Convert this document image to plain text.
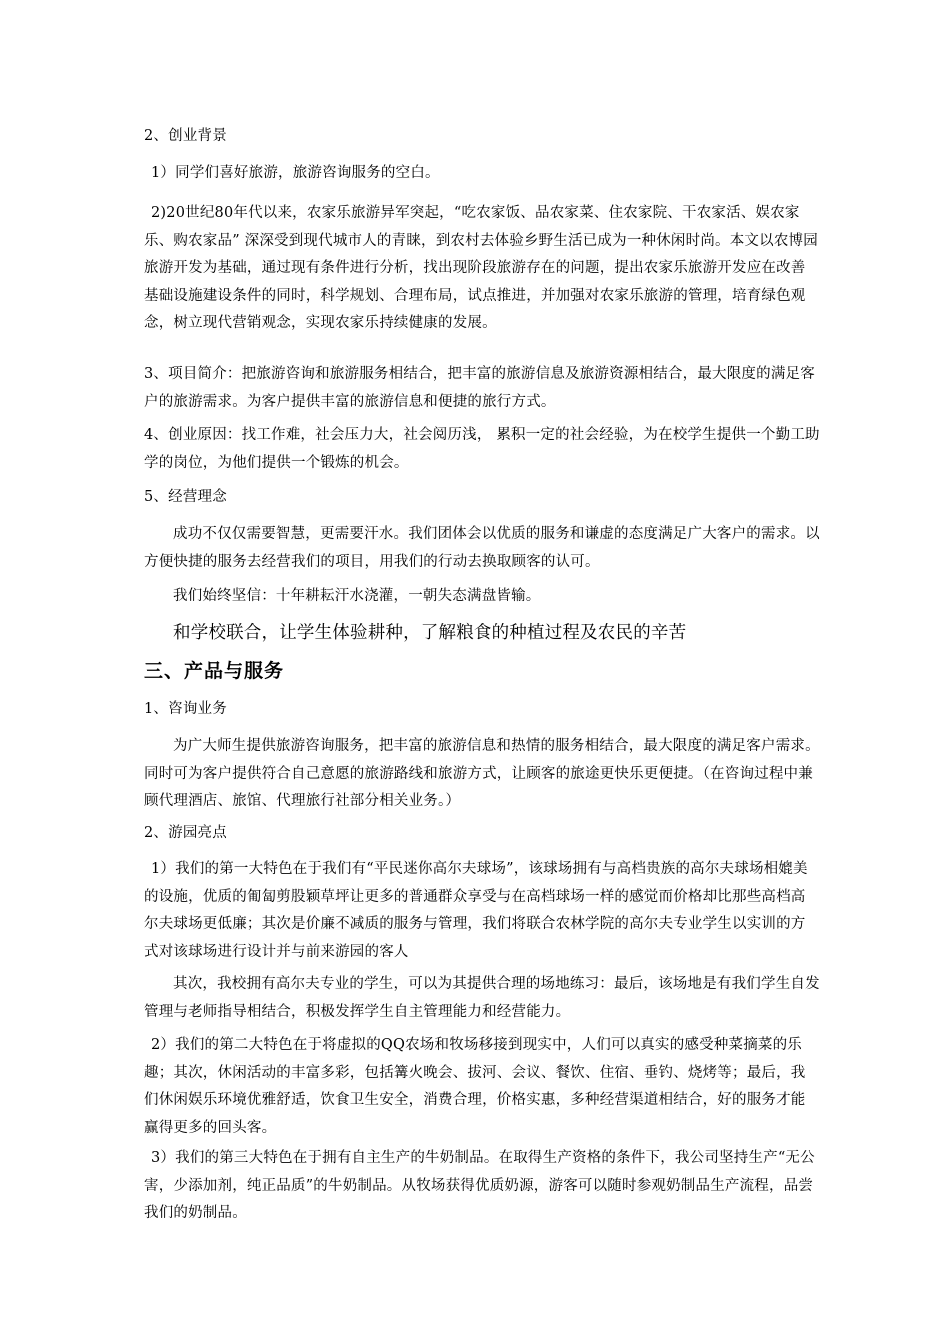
2、创业背景

1）同学们喜好旅游，旅游咨询服务的空白。

2)20世纪80年代以来，农家乐旅游异军突起，“吃农家饭、品农家菜、住农家院、干农家活、娱农家乐、购农家品” 深深受到现代城市人的青睐，到农村去体验乡野生活已成为一种休闲时尚。本文以农博园旅游开发为基础，通过现有条件进行分析，找出现阶段旅游存在的问题，提出农家乐旅游开发应在改善基础设施建设条件的同时，科学规划、合理布局，试点推进，并加强对农家乐旅游的管理，培育绿色观念，树立现代营销观念，实现农家乐持续健康的发展。

3、项目简介：把旅游咨询和旅游服务相结合，把丰富的旅游信息及旅游资源相结合，最大限度的满足客户的旅游需求。为客户提供丰富的旅游信息和便捷的旅行方式。

4、创业原因：找工作难，社会压力大，社会阅历浅， 累积一定的社会经验，为在校学生提供一个勤工助学的岗位，为他们提供一个锻炼的机会。

5、经营理念

成功不仅仅需要智慧，更需要汗水。我们团体会以优质的服务和谦虚的态度满足广大客户的需求。以方便快捷的服务去经营我们的项目，用我们的行动去换取顾客的认可。

我们始终坚信：十年耕耘汗水浇灌，一朝失态满盘皆输。

和学校联合，让学生体验耕种，了解粮食的种植过程及农民的辛苦

三、产品与服务

1、咨询业务

为广大师生提供旅游咨询服务，把丰富的旅游信息和热情的服务相结合，最大限度的满足客户需求。同时可为客户提供符合自己意愿的旅游路线和旅游方式，让顾客的旅途更快乐更便捷。（在咨询过程中兼顾代理酒店、旅馆、代理旅行社部分相关业务。）

2、游园亮点

1）我们的第一大特色在于我们有“平民迷你高尔夫球场”，该球场拥有与高档贵族的高尔夫球场相媲美的设施，优质的匍匐剪股颖草坪让更多的普通群众享受与在高档球场一样的感觉而价格却比那些高档高尔夫球场更低廉；其次是价廉不减质的服务与管理，我们将联合农林学院的高尔夫专业学生以实训的方式对该球场进行设计并与前来游园的客人

其次，我校拥有高尔夫专业的学生，可以为其提供合理的场地练习：最后，该场地是有我们学生自发管理与老师指导相结合，积极发挥学生自主管理能力和经营能力。

2）我们的第二大特色在于将虚拟的QQ农场和牧场移接到现实中，人们可以真实的感受种菜摘菜的乐趣；其次，休闲活动的丰富多彩，包括篝火晚会、拔河、会议、餐饮、住宿、垂钓、烧烤等；最后，我们休闲娱乐环境优雅舒适，饮食卫生安全，消费合理，价格实惠，多种经营渠道相结合，好的服务才能赢得更多的回头客。

3）我们的第三大特色在于拥有自主生产的牛奶制品。在取得生产资格的条件下，我公司坚持生产“无公害，少添加剂，纯正品质”的牛奶制品。从牧场获得优质奶源，游客可以随时参观奶制品生产流程，品尝我们的奶制品。
